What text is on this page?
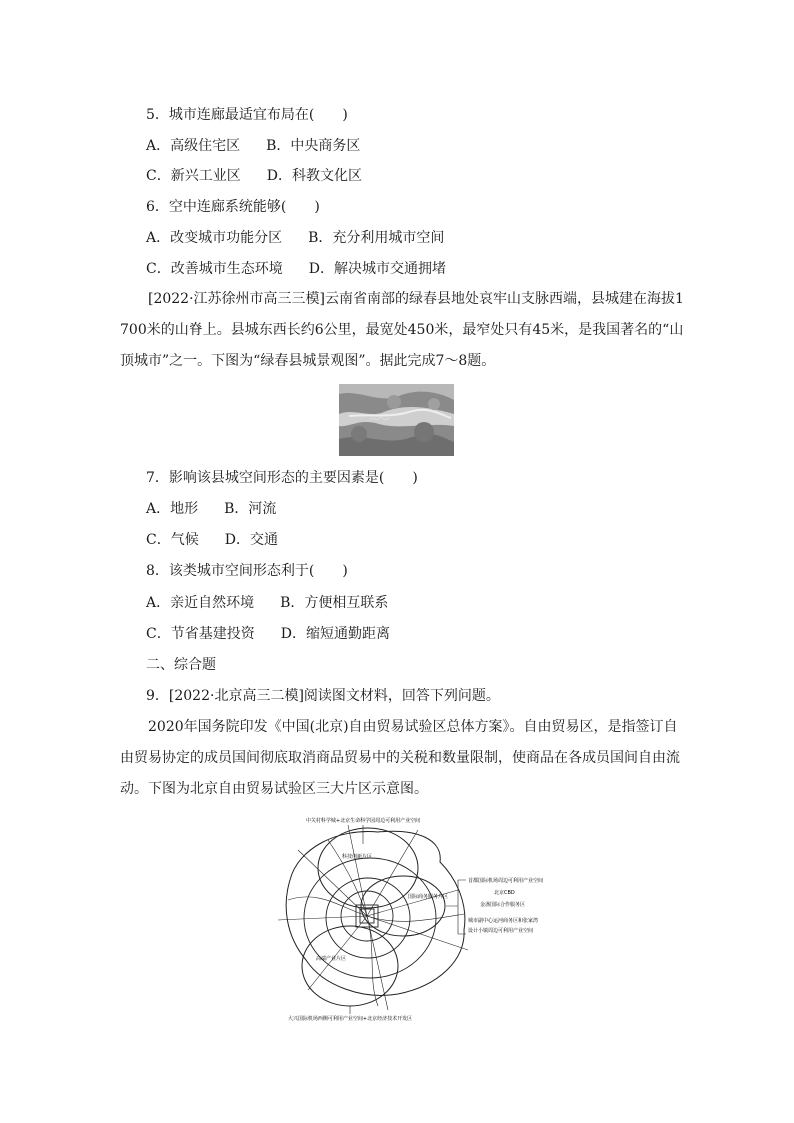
5．城市连廊最适宜布局在(　　)
A．高级住宅区 B．中央商务区
C．新兴工业区 D．科教文化区
6．空中连廊系统能够(　　)
A．改变城市功能分区 B．充分利用城市空间
C．改善城市生态环境 D．解决城市交通拥堵
[2022·江苏徐州市高三三模]云南省南部的绿春县地处哀牢山支脉西端，县城建在海拔1 700米的山脊上。县城东西长约6公里，最宽处450米，最窄处只有45米，是我国著名的“山顶城市”之一。下图为“绿春县城景观图”。据此完成7～8题。
7．影响该县城空间形态的主要因素是(　　)
A．地形 B．河流
C．气候 D．交通
8．该类城市空间形态利于(　　)
A．亲近自然环境 B．方便相互联系
C．节省基建投资 D．缩短通勤距离
二、综合题
9．[2022·北京高三二模]阅读图文材料，回答下列问题。
2020年国务院印发《中国(北京)自由贸易试验区总体方案》。自由贸易区，是指签订自由贸易协定的成员国间彻底取消商品贸易中的关税和数量限制，使商品在各成员国间自由流动。下图为北京自由贸易试验区三大片区示意图。
中关村科学城+北京生命科学园周边可利用产业空间
科技创新片区
国际商务服务片区
高端产业片区
首都国际机场周边可利用产业空间
北京CBD
金盏国际合作服务区
城市副中心运河商务区和张家湾
设计小镇周边可利用产业空间
大兴国际机场西侧可利用产业空间+北京经济技术开发区
